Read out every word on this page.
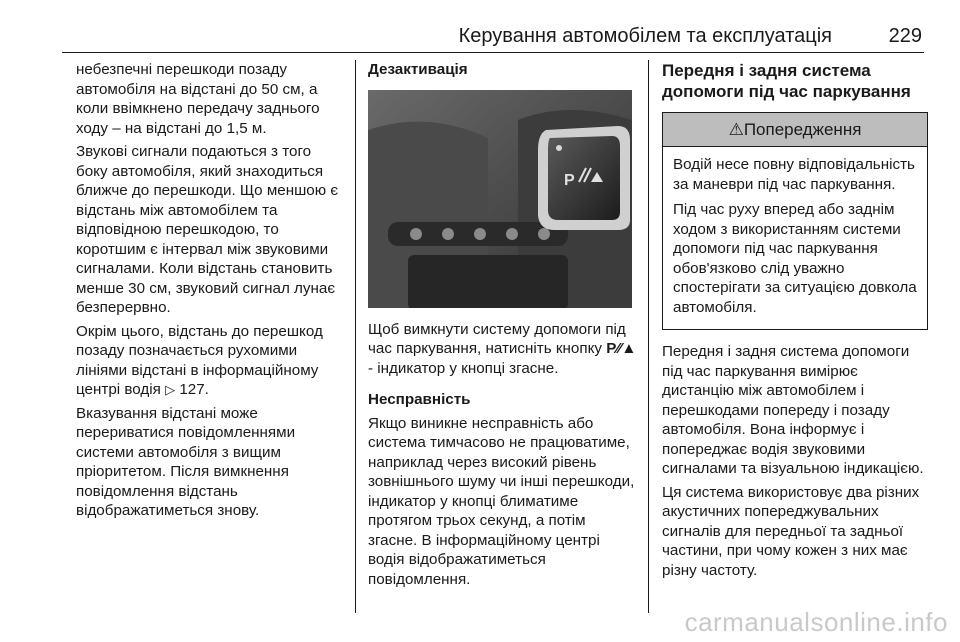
Керування автомобілем та експлуатація	229

небезпечні перешкоди позаду автомобіля на відстані до 50 см, а коли ввімкнено передачу заднього ходу – на відстані до 1,5 м.

Звукові сигнали подаються з того боку автомобіля, який знаходиться ближче до перешкоди. Що меншою є відстань між автомобілем та відповідною перешкодою, то коротшим є інтервал між звуковими сигналами. Коли відстань становить менше 30 см, звуковий сигнал лунає безперервно.

Окрім цього, відстань до перешкод позаду позначається рухомими лініями відстані в інформаційному центрі водія ▷ 127.

Вказування відстані може перериватися повідомленнями системи автомобіля з вищим пріоритетом. Після вимкнення повідомлення відстань відображатиметься знову.

Дезактивація
P

Щоб вимкнути систему допомоги під час паркування, натисніть кнопку P⁄⁄▲ - індикатор у кнопці згасне.

Несправність

Якщо виникне несправність або система тимчасово не працюватиме, наприклад через високий рівень зовнішнього шуму чи інші перешкоди, індикатор у кнопці блиматиме протягом трьох секунд, а потім згасне. В інформаційному центрі водія відображатиметься повідомлення.

Передня і задня система допомоги під час паркування
⚠Попередження

Водій несе повну відповідальність за маневри під час паркування.

Під час руху вперед або заднім ходом з використанням системи допомоги під час паркування обов'язково слід уважно спостерігати за ситуацією довкола автомобіля.

Передня і задня система допомоги під час паркування вимірює дистанцію між автомобілем і перешкодами попереду і позаду автомобіля. Вона інформує і попереджає водія звуковими сигналами та візуальною індикацією.

Ця система використовує два різних акустичних попереджувальних сигналів для передньої та задньої частини, при чому кожен з них має різну частоту.

carmanualsonline.info
